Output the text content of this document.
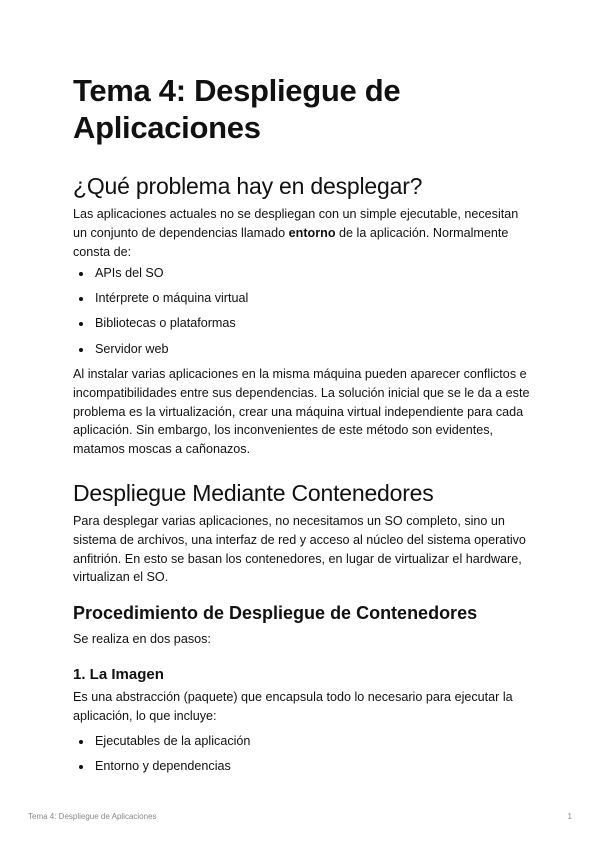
Tema 4: Despliegue de Aplicaciones
¿Qué problema hay en desplegar?

Las aplicaciones actuales no se despliegan con un simple ejecutable, necesitan un conjunto de dependencias llamado entorno de la aplicación. Normalmente consta de:

APIs del SO
Intérprete o máquina virtual
Bibliotecas o plataformas
Servidor web

Al instalar varias aplicaciones en la misma máquina pueden aparecer conflictos e incompatibilidades entre sus dependencias. La solución inicial que se le da a este problema es la virtualización, crear una máquina virtual independiente para cada aplicación. Sin embargo, los inconvenientes de este método son evidentes, matamos moscas a cañonazos.

Despliegue Mediante Contenedores

Para desplegar varias aplicaciones, no necesitamos un SO completo, sino un sistema de archivos, una interfaz de red y acceso al núcleo del sistema operativo anfitrión. En esto se basan los contenedores, en lugar de virtualizar el hardware, virtualizan el SO.

Procedimiento de Despliegue de Contenedores

Se realiza en dos pasos:

1. La Imagen

Es una abstracción (paquete) que encapsula todo lo necesario para ejecutar la aplicación, lo que incluye:

Ejecutables de la aplicación
Entorno y dependencias
Tema 4: Despliegue de Aplicaciones	1
